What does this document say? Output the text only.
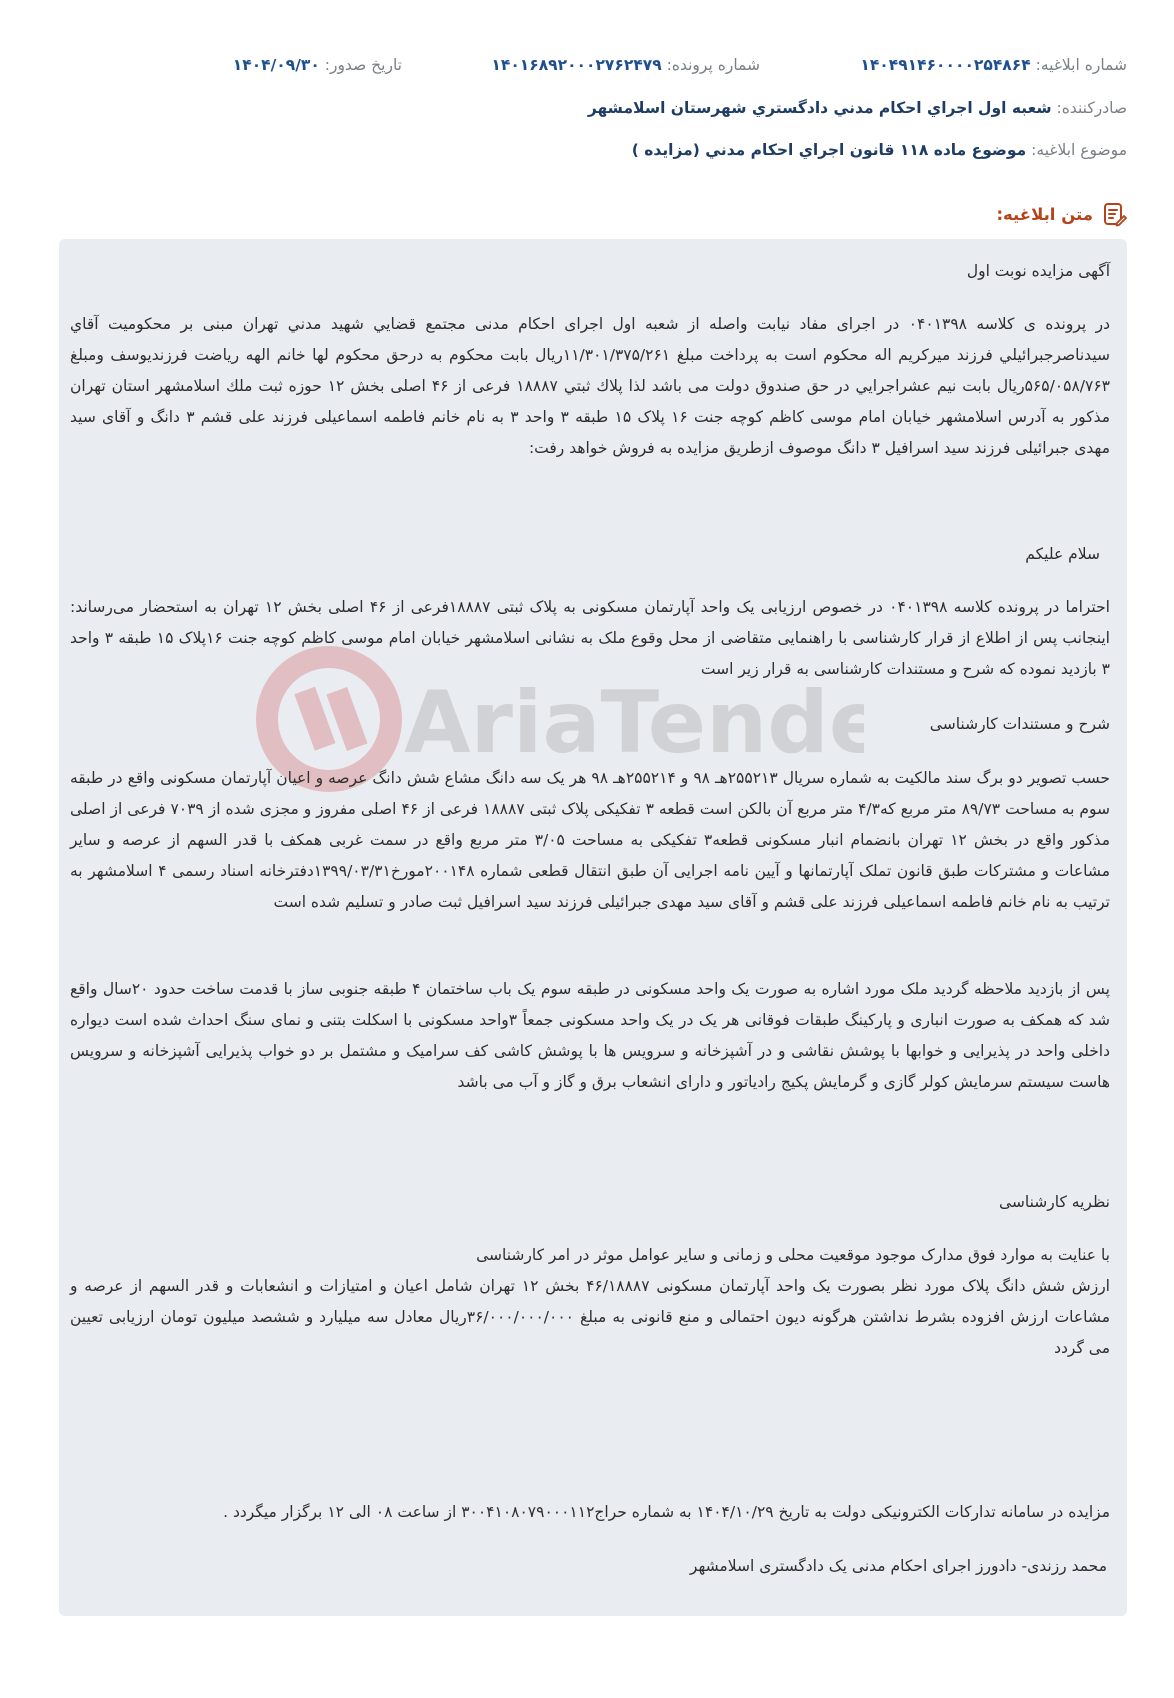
شماره ابلاغيه: ۱۴۰۴۹۱۴۶۰۰۰۰۲۵۴۸۶۴
شماره پرونده: ۱۴۰۱۶۸۹۲۰۰۰۲۷۶۲۴۷۹
تاريخ صدور: ۱۴۰۴/۰۹/۳۰
صادرکننده: شعبه اول اجراي احكام مدني دادگستري شهرستان اسلامشهر
موضوع ابلاغيه: موضوع ماده ۱۱۸ قانون اجراي احكام مدني (مزايده )
متن ابلاغيه:
AriaTende

آگهی مزایده نوبت اول

در پرونده ی کلاسه ۰۴۰۱۳۹۸ در اجرای مفاد نیابت واصله از شعبه اول اجرای احکام مدنی مجتمع قضايي شهيد مدني تهران مبنی بر محکومیت آقاي سيدناصرجبرائیلي فرزند ميركريم اله محکوم است به پرداخت مبلغ ۱۱/۳۰۱/۳۷۵/۲۶۱ريال بابت محکوم به درحق محکوم لها خانم الهه رياضت فرزنديوسف ومبلغ ۵۶۵/۰۵۸/۷۶۳ريال بابت نيم عشراجرايي در حق صندوق دولت می باشد لذا پلاك ثبتي ۱۸۸۸۷ فرعی از ۴۶ اصلی بخش ۱۲ حوزه ثبت ملك اسلامشهر استان تهران مذکور به آدرس اسلامشهر خیابان امام موسی کاظم کوچه جنت ۱۶ پلاک ۱۵ طبقه ۳ واحد ۳ به نام خانم فاطمه اسماعیلی فرزند علی قشم ۳ دانگ و آقای سید مهدی جبرائیلی فرزند سید اسرافیل ۳ دانگ موصوف ازطریق مزایده به فروش خواهد رفت:

سلام علیکم

احتراما در پرونده کلاسه ۰۴۰۱۳۹۸ در خصوص ارزیابی یک واحد آپارتمان مسکونی به پلاک ثبتی ۱۸۸۸۷فرعی از ۴۶ اصلی بخش ۱۲ تهران به استحضار می‌رساند: اینجانب پس از اطلاع از قرار کارشناسی با راهنمایی متقاضی از محل وقوع ملک به نشانی اسلامشهر خیابان امام موسی کاظم کوچه جنت ۱۶پلاک ۱۵ طبقه ۳ واحد ۳ بازدید نموده که شرح و مستندات کارشناسی به قرار زیر است

شرح و مستندات کارشناسی

حسب تصویر دو برگ سند مالکیت به شماره سریال ۲۵۵۲۱۳هـ ۹۸ و ۲۵۵۲۱۴هـ ۹۸ هر یک سه دانگ مشاع شش دانگ عرصه و اعیان آپارتمان مسکونی واقع در طبقه سوم به مساحت ۸۹/۷۳ متر مربع که۴/۳ متر مربع آن بالکن است قطعه ۳ تفکیکی پلاک ثبتی ۱۸۸۸۷ فرعی از ۴۶ اصلی مفروز و مجزی شده از ۷۰۳۹ فرعی از اصلی مذکور واقع در بخش ۱۲ تهران بانضمام انبار مسکونی قطعه۳ تفکیکی به مساحت ۳/۰۵ متر مربع واقع در سمت غربی همکف با قدر السهم از عرصه و سایر مشاعات و مشترکات طبق قانون تملک آپارتمانها و آیین نامه اجرایی آن طبق انتقال قطعی شماره ۲۰۰۱۴۸مورخ۱۳۹۹/۰۳/۳۱دفترخانه اسناد رسمی ۴ اسلامشهر به ترتیب به نام خانم فاطمه اسماعیلی فرزند علی قشم و آقای سید مهدی جبرائیلی فرزند سید اسرافیل ثبت صادر و تسلیم شده است

پس از بازدید ملاحظه گردید ملک مورد اشاره به صورت یک واحد مسکونی در طبقه سوم یک باب ساختمان ۴ طبقه جنوبی ساز با قدمت ساخت حدود ۲۰سال واقع شد که همکف به صورت انباری و پارکینگ طبقات فوقانی هر یک در یک واحد مسکونی جمعاً ۳واحد مسکونی با اسکلت بتنی و نمای سنگ احداث شده است دیواره داخلی واحد در پذیرایی و خوابها با پوشش نقاشی و در آشپزخانه و سرویس ها با پوشش کاشی کف سرامیک و مشتمل بر دو خواب پذیرایی آشپزخانه و سرویس هاست سیستم سرمایش کولر گازی و گرمایش پکیج رادیاتور و دارای انشعاب برق و گاز و آب می باشد

نظریه کارشناسی

با عنایت به موارد فوق مدارک موجود موقعیت محلی و زمانی و سایر عوامل موثر در امر کارشناسی

ارزش شش دانگ پلاک مورد نظر بصورت یک واحد آپارتمان مسکونی ۴۶/۱۸۸۸۷ بخش ۱۲ تهران شامل اعیان و امتیازات و انشعابات و قدر السهم از عرصه و مشاعات ارزش افزوده بشرط نداشتن هرگونه دیون احتمالی و منع قانونی به مبلغ ۳۶/۰۰۰/۰۰۰/۰۰۰ریال معادل سه میلیارد و ششصد میلیون تومان ارزیابی تعیین می گردد

مزایده در سامانه تدارکات الکترونیکی دولت به تاریخ ۱۴۰۴/۱۰/۲۹ به شماره حراج۳۰۰۴۱۰۸۰۷۹۰۰۰۱۱۲ از ساعت ۰۸ الی ۱۲ برگزار میگردد .

محمد رزندی- دادورز اجرای احکام مدنی یک دادگستری اسلامشهر
